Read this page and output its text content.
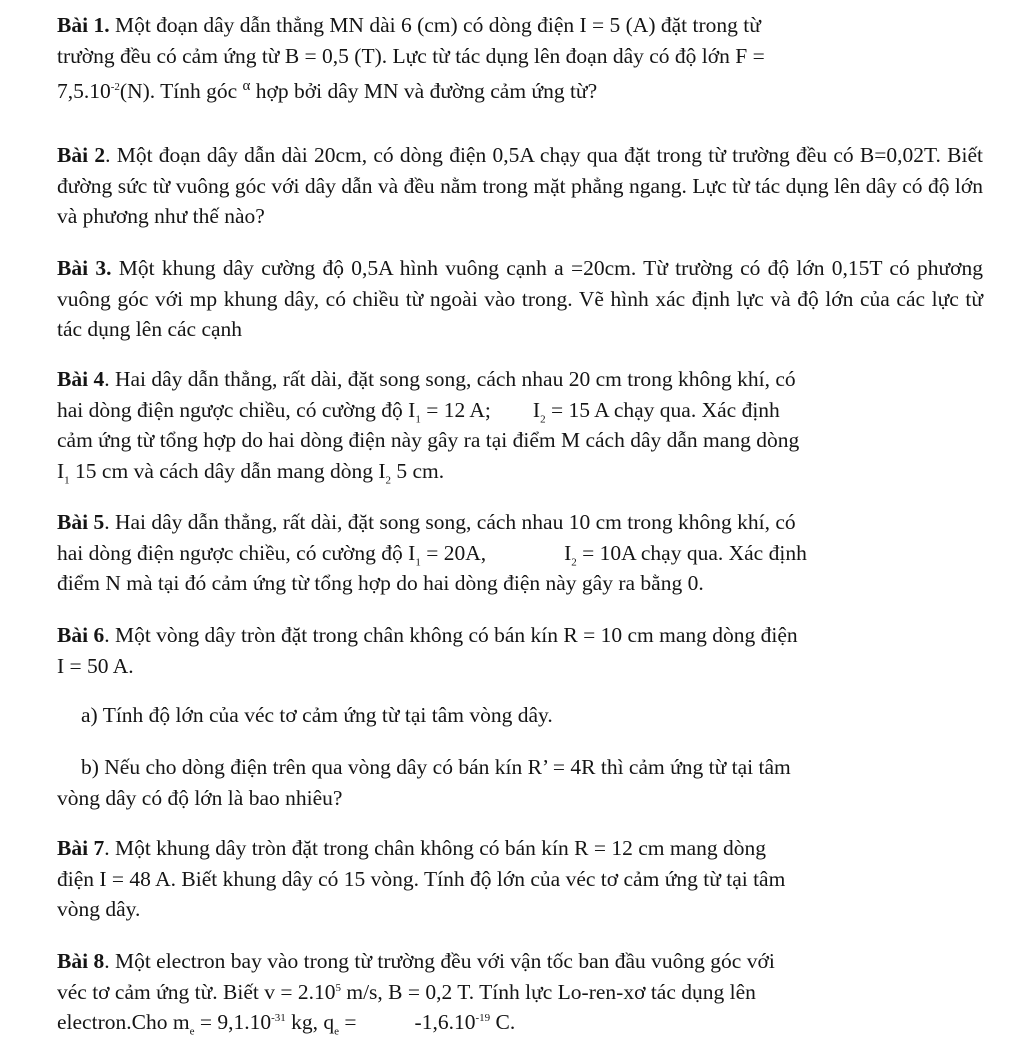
Bài 1. Một đoạn dây dẫn thẳng MN dài 6 (cm) có dòng điện I = 5 (A) đặt trong từ

trường đều có cảm ứng từ B = 0,5 (T). Lực từ tác dụng lên đoạn dây có độ lớn F =

$7,5.10^{-2}(N)$. Tính góc $^\alpha$ hợp bởi dây MN và đường cảm ứng từ?

Bài 2. Một đoạn dây dẫn dài 20cm, có dòng điện 0,5A chạy qua đặt trong từ trường đều có B=0,02T. Biết đường sức từ vuông góc với dây dẫn và đều nằm trong mặt phẳng ngang. Lực từ tác dụng lên dây có độ lớn và phương như thế nào?

Bài 3. Một khung dây cường độ 0,5A hình vuông cạnh a =20cm. Từ trường có độ lớn 0,15T có phương vuông góc với mp khung dây, có chiều từ ngoài vào trong. Vẽ hình xác định lực và độ lớn của các lực từ tác dụng lên các cạnh

Bài 4. Hai dây dẫn thẳng, rất dài, đặt song song, cách nhau 20 cm trong không khí, có

hai dòng điện ngược chiều, có cường độ $I_1 = 12$ A; $I_2 = 15$ A chạy qua. Xác định

cảm ứng từ tổng hợp do hai dòng điện này gây ra tại điểm M cách dây dẫn mang dòng

$I_1$ 15 cm và cách dây dẫn mang dòng $I_2$ 5 cm.

Bài 5. Hai dây dẫn thẳng, rất dài, đặt song song, cách nhau 10 cm trong không khí, có

hai dòng điện ngược chiều, có cường độ $I_1 = 20A$,	$I_2 = 10A$ chạy qua. Xác định

điểm N mà tại đó cảm ứng từ tổng hợp do hai dòng điện này gây ra bằng 0.

Bài 6. Một vòng dây tròn đặt trong chân không có bán kín R = 10 cm mang dòng điện

I = 50 A.

a) Tính độ lớn của véc tơ cảm ứng từ tại tâm vòng dây.

b) Nếu cho dòng điện trên qua vòng dây có bán kín R’ = 4R thì cảm ứng từ tại tâm

vòng dây có độ lớn là bao nhiêu?

Bài 7. Một khung dây tròn đặt trong chân không có bán kín R = 12 cm mang dòng

điện I = 48 A. Biết khung dây có 15 vòng. Tính độ lớn của véc tơ cảm ứng từ tại tâm

vòng dây.

Bài 8. Một electron bay vào trong từ trường đều với vận tốc ban đầu vuông góc với

véc tơ cảm ứng từ. Biết $v = 2.10^5$ m/s, B = 0,2 T. Tính lực Lo-ren-xơ tác dụng lên

electron.Cho $m_e = 9,1.10^{-31}$ kg, $q_e$ =	$-1,6.10^{-19}$ C.
